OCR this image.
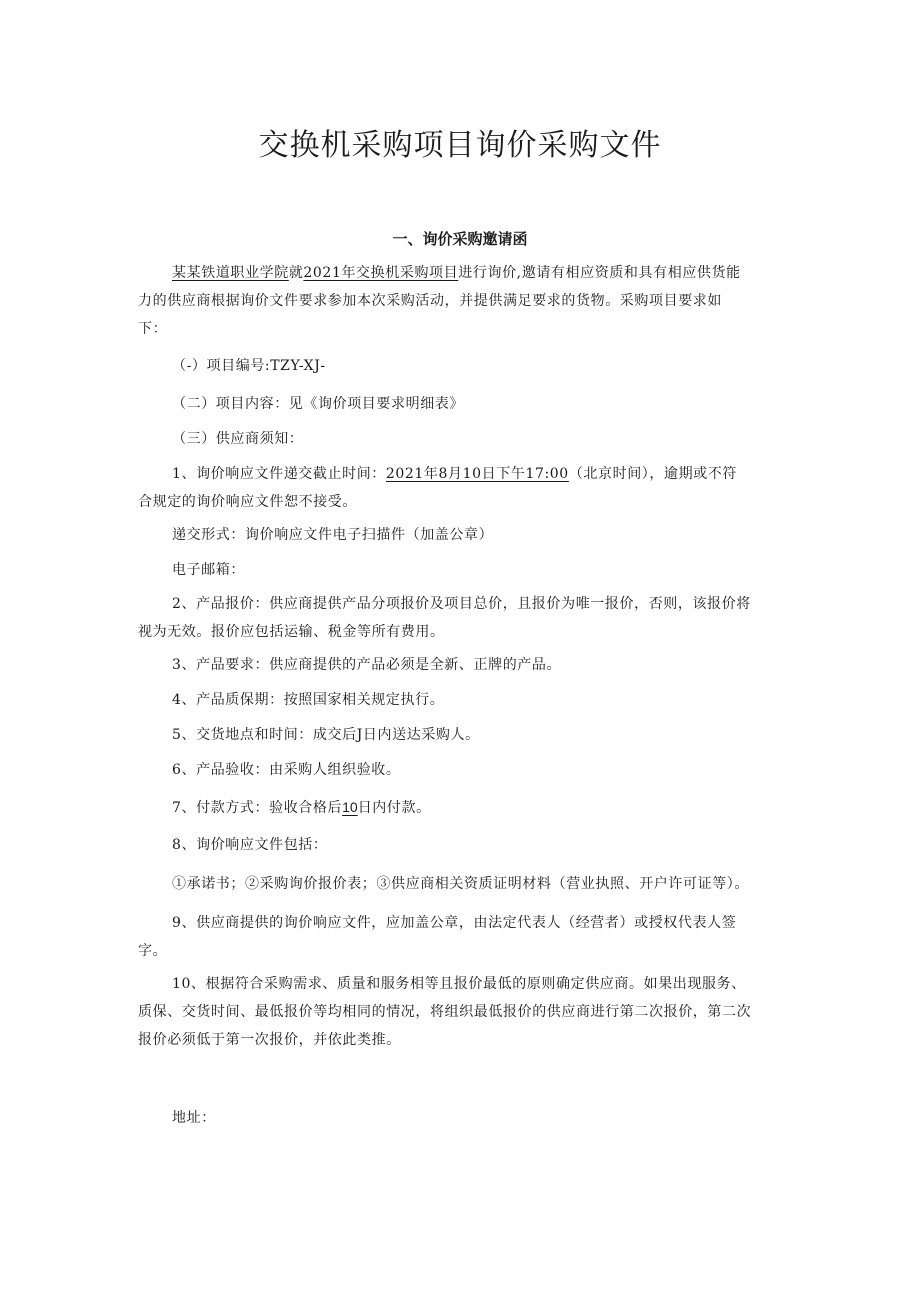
交换机采购项目询价采购文件
一、询价采购邀请函
某某铁道职业学院就2021年交换机采购项目进行询价,邀请有相应资质和具有相应供货能
力的供应商根据询价文件要求参加本次采购活动，并提供满足要求的货物。采购项目要求如
下：
（-）项目编号:TZY-XJ-
（二）项目内容：见《询价项目要求明细表》
（三）供应商须知：
1、询价响应文件递交截止时间：2021年8月10日下午17:00（北京时间），逾期或不符
合规定的询价响应文件恕不接受。
递交形式：询价响应文件电子扫描件（加盖公章）
电子邮箱：
2、产品报价：供应商提供产品分项报价及项目总价，且报价为唯一报价，否则，该报价将
视为无效。报价应包括运输、税金等所有费用。
3、产品要求：供应商提供的产品必须是全新、正牌的产品。
4、产品质保期：按照国家相关规定执行。
5、交货地点和时间：成交后J日内送达采购人。
6、产品验收：由采购人组织验收。
7、付款方式：验收合格后10日内付款。
8、询价响应文件包括：
①承诺书；②采购询价报价表；③供应商相关资质证明材料（营业执照、开户许可证等）。
9、供应商提供的询价响应文件，应加盖公章，由法定代表人（经营者）或授权代表人签
字。
10、根据符合采购需求、质量和服务相等且报价最低的原则确定供应商。如果出现服务、
质保、交货时间、最低报价等均相同的情况，将组织最低报价的供应商进行第二次报价，第二次
报价必须低于第一次报价，并依此类推。
地址：
